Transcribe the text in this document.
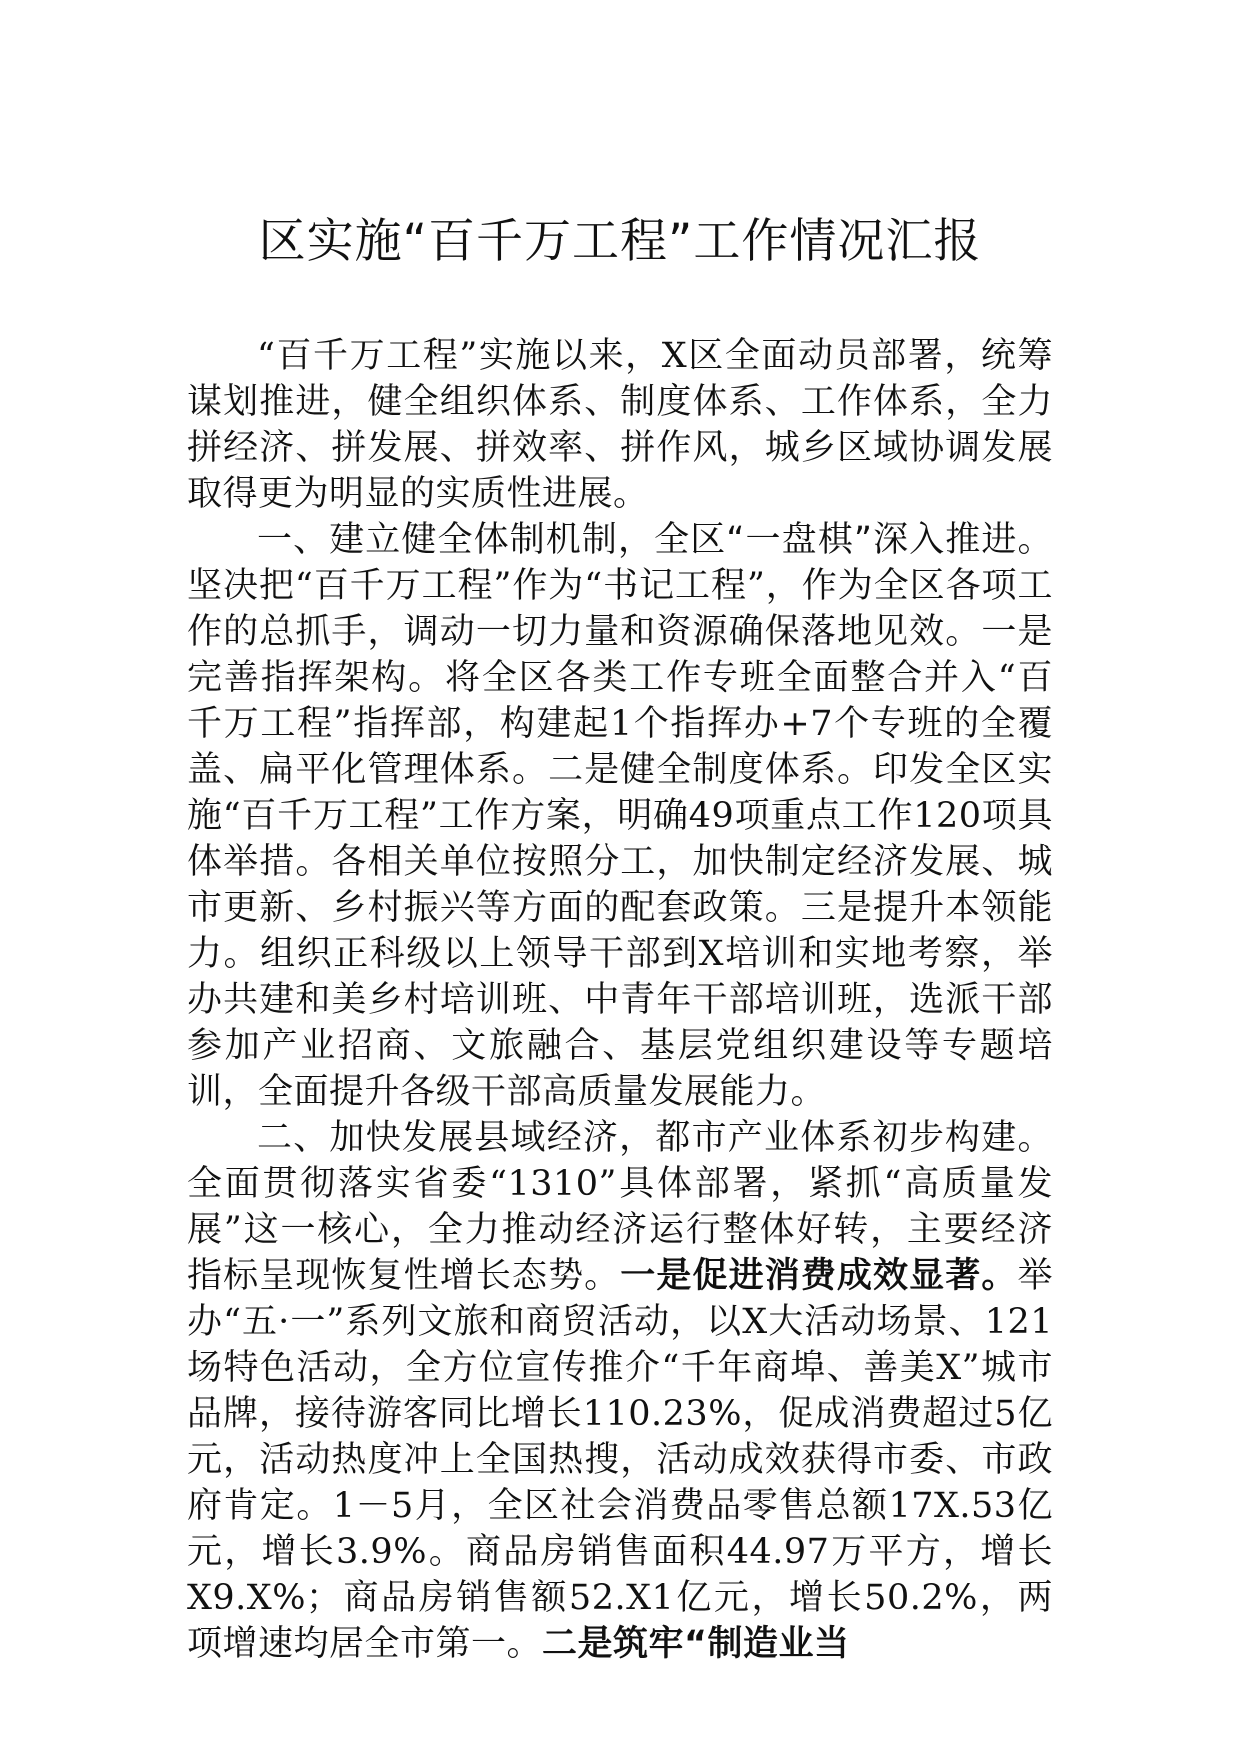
区实施“百千万工程”工作情况汇报

“百千万工程”实施以来，X区全面动员部署，统筹谋划推进，健全组织体系、制度体系、工作体系，全力拼经济、拼发展、拼效率、拼作风，城乡区域协调发展取得更为明显的实质性进展。

一、建立健全体制机制，全区“一盘棋”深入推进。坚决把“百千万工程”作为“书记工程”，作为全区各项工作的总抓手，调动一切力量和资源确保落地见效。一是完善指挥架构。将全区各类工作专班全面整合并入“百千万工程”指挥部，构建起1个指挥办+7个专班的全覆盖、扁平化管理体系。二是健全制度体系。印发全区实施“百千万工程”工作方案，明确49项重点工作120项具体举措。各相关单位按照分工，加快制定经济发展、城市更新、乡村振兴等方面的配套政策。三是提升本领能力。组织正科级以上领导干部到X培训和实地考察，举办共建和美乡村培训班、中青年干部培训班，选派干部参加产业招商、文旅融合、基层党组织建设等专题培训，全面提升各级干部高质量发展能力。

二、加快发展县域经济，都市产业体系初步构建。全面贯彻落实省委“1310”具体部署，紧抓“高质量发展”这一核心，全力推动经济运行整体好转，主要经济指标呈现恢复性增长态势。一是促进消费成效显著。举办“五·一”系列文旅和商贸活动，以X大活动场景、121场特色活动，全方位宣传推介“千年商埠、善美X”城市品牌，接待游客同比增长110.23%，促成消费超过5亿元，活动热度冲上全国热搜，活动成效获得市委、市政府肯定。1－5月，全区社会消费品零售总额17X.53亿元，增长3.9%。商品房销售面积44.97万平方，增长X9.X%；商品房销售额52.X1亿元，增长50.2%，两项增速均居全市第一。二是筑牢“制造业当
